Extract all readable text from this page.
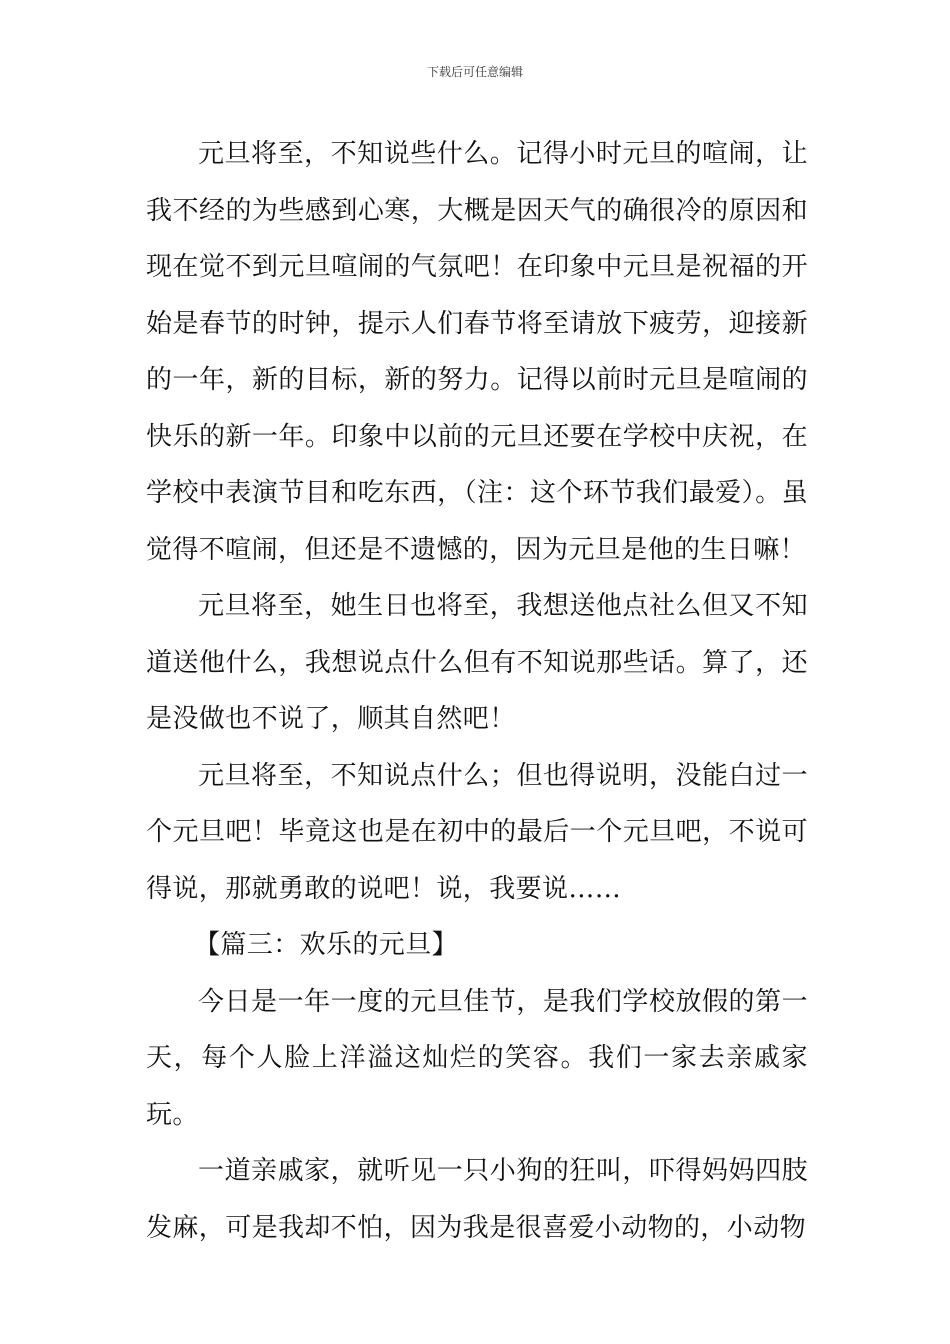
下载后可任意编辑

元旦将至，不知说些什么。记得小时元旦的喧闹，让我不经的为些感到心寒，大概是因天气的确很冷的原因和现在觉不到元旦喧闹的气氛吧！在印象中元旦是祝福的开始是春节的时钟，提示人们春节将至请放下疲劳，迎接新的一年，新的目标，新的努力。记得以前时元旦是喧闹的快乐的新一年。印象中以前的元旦还要在学校中庆祝，在学校中表演节目和吃东西，（注：这个环节我们最爱）。虽觉得不喧闹，但还是不遗憾的，因为元旦是他的生日嘛！

元旦将至，她生日也将至，我想送他点社么但又不知道送他什么，我想说点什么但有不知说那些话。算了，还是没做也不说了，顺其自然吧！

元旦将至，不知说点什么；但也得说明，没能白过一个元旦吧！毕竟这也是在初中的最后一个元旦吧，不说可得说，那就勇敢的说吧！说，我要说……

【篇三：欢乐的元旦】

今日是一年一度的元旦佳节，是我们学校放假的第一天，每个人脸上洋溢这灿烂的笑容。我们一家去亲戚家玩。

一道亲戚家，就听见一只小狗的狂叫，吓得妈妈四肢发麻，可是我却不怕，因为我是很喜爱小动物的，小动物
